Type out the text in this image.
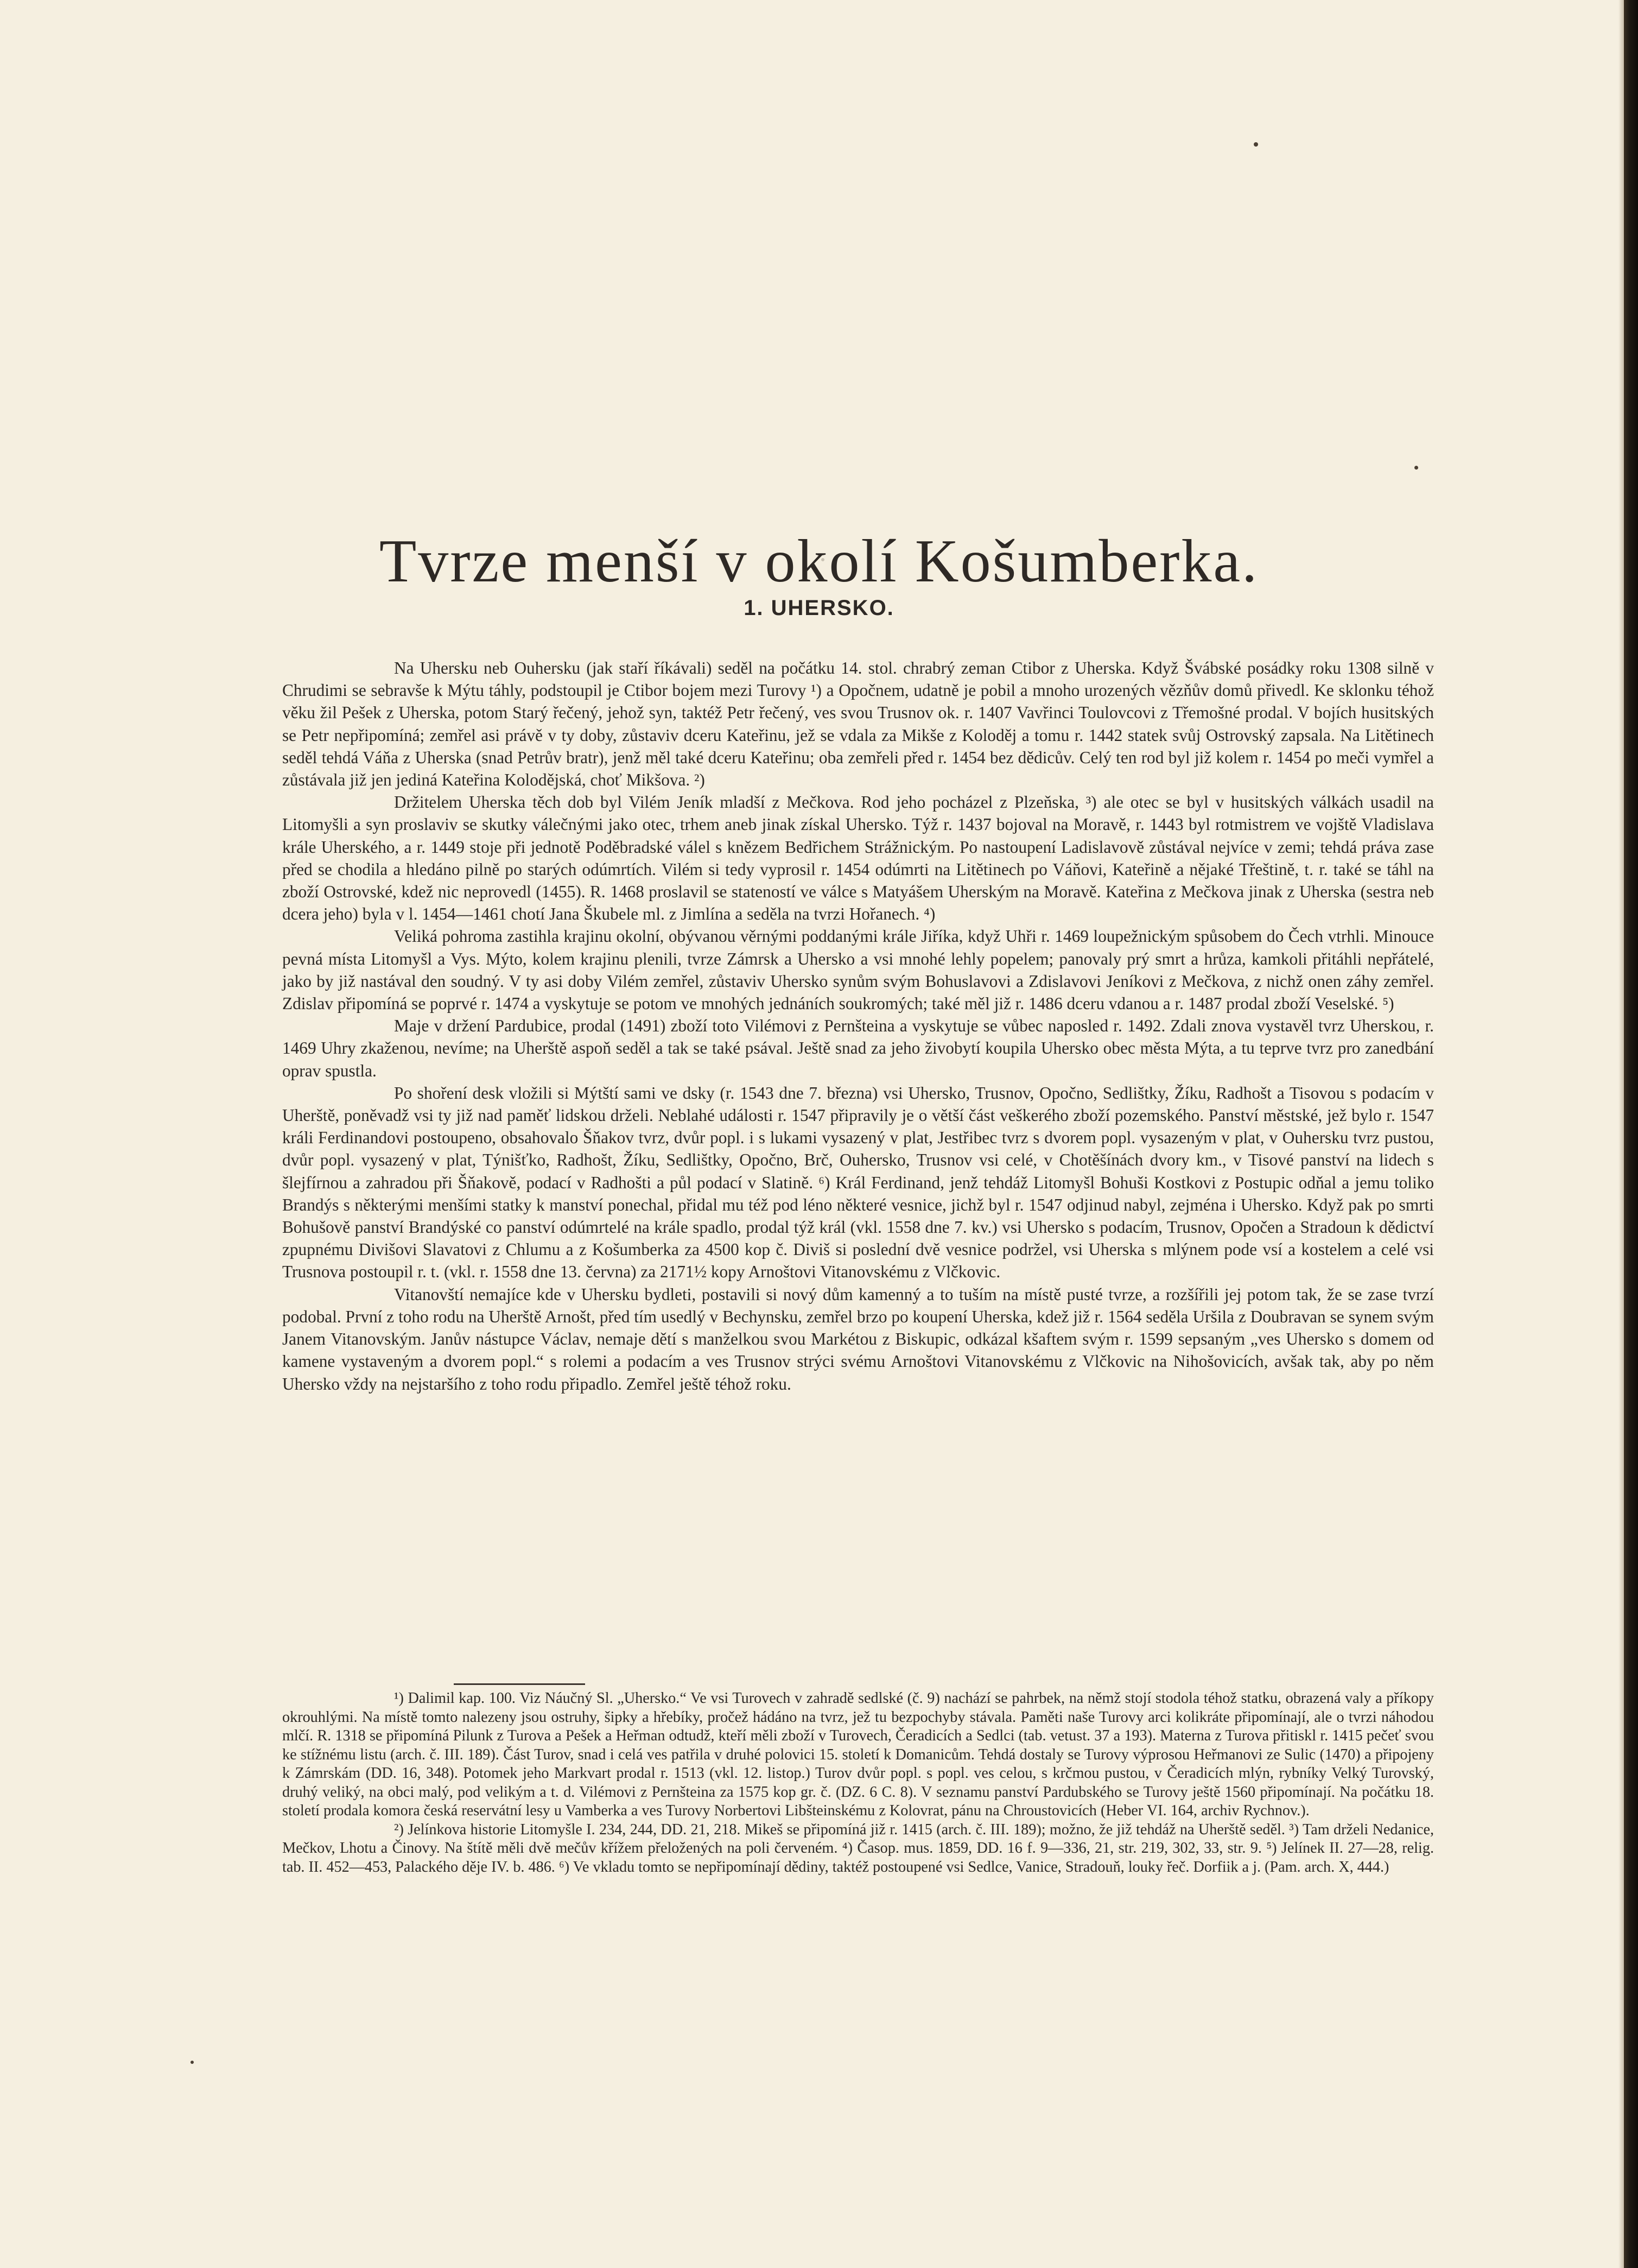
Tvrze menší v okolí Košumberka.
1. UHERSKO.

Na Uhersku neb Ouhersku (jak staří říkávali) seděl na počátku 14. stol. chrabrý zeman Ctibor z Uherska. Když Švábské posádky roku 1308 silně v Chrudimi se sebravše k Mýtu táhly, podstoupil je Ctibor bojem mezi Turovy ¹) a Opočnem, udatně je pobil a mnoho urozených vězňův domů přivedl. Ke sklonku téhož věku žil Pešek z Uherska, potom Starý řečený, jehož syn, taktéž Petr řečený, ves svou Trusnov ok. r. 1407 Vavřinci Toulovcovi z Třemošné prodal. V bojích husitských se Petr nepřipomíná; zemřel asi právě v ty doby, zůstaviv dceru Kateřinu, jež se vdala za Mikše z Koloděj a tomu r. 1442 statek svůj Ostrovský zapsala. Na Litětinech seděl tehdá Váňa z Uherska (snad Petrův bratr), jenž měl také dceru Kateřinu; oba zemřeli před r. 1454 bez dědicův. Celý ten rod byl již kolem r. 1454 po meči vymřel a zůstávala již jen jediná Kateřina Kolodějská, choť Mikšova. ²)

Držitelem Uherska těch dob byl Vilém Jeník mladší z Mečkova. Rod jeho pocházel z Plzeňska, ³) ale otec se byl v husitských válkách usadil na Litomyšli a syn proslaviv se skutky válečnými jako otec, trhem aneb jinak získal Uhersko. Týž r. 1437 bojoval na Moravě, r. 1443 byl rotmistrem ve vojště Vladislava krále Uherského, a r. 1449 stoje při jednotě Poděbradské válel s knězem Bedřichem Strážnickým. Po nastoupení Ladislavově zůstával nejvíce v zemi; tehdá práva zase před se chodila a hledáno pilně po starých odúmrtích. Vilém si tedy vyprosil r. 1454 odúmrti na Litětinech po Váňovi, Kateřině a nějaké Třeštině, t. r. také se táhl na zboží Ostrovské, kdež nic neprovedl (1455). R. 1468 proslavil se stateností ve válce s Matyášem Uherským na Moravě. Kateřina z Mečkova jinak z Uherska (sestra neb dcera jeho) byla v l. 1454—1461 chotí Jana Škubele ml. z Jimlína a seděla na tvrzi Hořanech. ⁴)

Veliká pohroma zastihla krajinu okolní, obývanou věrnými poddanými krále Jiříka, když Uhři r. 1469 loupežnickým spůsobem do Čech vtrhli. Minouce pevná místa Litomyšl a Vys. Mýto, kolem krajinu plenili, tvrze Zámrsk a Uhersko a vsi mnohé lehly popelem; panovaly prý smrt a hrůza, kamkoli přitáhli nepřátelé, jako by již nastával den soudný. V ty asi doby Vilém zemřel, zůstaviv Uhersko synům svým Bohuslavovi a Zdislavovi Jeníkovi z Mečkova, z nichž onen záhy zemřel. Zdislav připomíná se poprvé r. 1474 a vyskytuje se potom ve mnohých jednáních soukromých; také měl již r. 1486 dceru vdanou a r. 1487 prodal zboží Veselské. ⁵)

Maje v držení Pardubice, prodal (1491) zboží toto Vilémovi z Pernšteina a vyskytuje se vůbec naposled r. 1492. Zdali znova vystavěl tvrz Uherskou, r. 1469 Uhry zkaženou, nevíme; na Uherště aspoň seděl a tak se také psával. Ještě snad za jeho živobytí koupila Uhersko obec města Mýta, a tu teprve tvrz pro zanedbání oprav spustla.

Po shoření desk vložili si Mýtští sami ve dsky (r. 1543 dne 7. března) vsi Uhersko, Trusnov, Opočno, Sedlištky, Žíku, Radhošt a Tisovou s podacím v Uherště, poněvadž vsi ty již nad paměť lidskou drželi. Neblahé události r. 1547 připravily je o větší část veškerého zboží pozemského. Panství městské, jež bylo r. 1547 králi Ferdinandovi postoupeno, obsahovalo Šňakov tvrz, dvůr popl. i s lukami vysazený v plat, Jestřibec tvrz s dvorem popl. vysazeným v plat, v Ouhersku tvrz pustou, dvůr popl. vysazený v plat, Týnišťko, Radhošt, Žíku, Sedlištky, Opočno, Brč, Ouhersko, Trusnov vsi celé, v Chotěšínách dvory km., v Tisové panství na lidech s šlejfírnou a zahradou při Šňakově, podací v Radhošti a půl podací v Slatině. ⁶) Král Ferdinand, jenž tehdáž Litomyšl Bohuši Kostkovi z Postupic odňal a jemu toliko Brandýs s některými menšími statky k manství ponechal, přidal mu též pod léno některé vesnice, jichž byl r. 1547 odjinud nabyl, zejména i Uhersko. Když pak po smrti Bohušově panství Brandýské co panství odúmrtelé na krále spadlo, prodal týž král (vkl. 1558 dne 7. kv.) vsi Uhersko s podacím, Trusnov, Opočen a Stradoun k dědictví zpupnému Divišovi Slavatovi z Chlumu a z Košumberka za 4500 kop č. Diviš si poslední dvě vesnice podržel, vsi Uherska s mlýnem pode vsí a kostelem a celé vsi Trusnova postoupil r. t. (vkl. r. 1558 dne 13. června) za 2171½ kopy Arnoštovi Vitanovskému z Vlčkovic.

Vitanovští nemajíce kde v Uhersku bydleti, postavili si nový dům kamenný a to tuším na místě pusté tvrze, a rozšířili jej potom tak, že se zase tvrzí podobal. První z toho rodu na Uherště Arnošt, před tím usedlý v Bechynsku, zemřel brzo po koupení Uherska, kdež již r. 1564 seděla Uršila z Doubravan se synem svým Janem Vitanovským. Janův nástupce Václav, nemaje dětí s manželkou svou Markétou z Biskupic, odkázal kšaftem svým r. 1599 sepsaným „ves Uhersko s domem od kamene vystaveným a dvorem popl.“ s rolemi a podacím a ves Trusnov strýci svému Arnoštovi Vitanovskému z Vlčkovic na Nihošovicích, avšak tak, aby po něm Uhersko vždy na nejstaršího z toho rodu připadlo. Zemřel ještě téhož roku.

¹) Dalimil kap. 100. Viz Náučný Sl. „Uhersko.“ Ve vsi Turovech v zahradě sedlské (č. 9) nachází se pahrbek, na němž stojí stodola téhož statku, obrazená valy a příkopy okrouhlými. Na místě tomto nalezeny jsou ostruhy, šipky a hřebíky, pročež hádáno na tvrz, jež tu bezpochyby stávala. Paměti naše Turovy arci kolikráte připomínají, ale o tvrzi náhodou mlčí. R. 1318 se připomíná Pilunk z Turova a Pešek a Heřman odtudž, kteří měli zboží v Turovech, Čeradicích a Sedlci (tab. vetust. 37 a 193). Materna z Turova přitiskl r. 1415 pečeť svou ke stížnému listu (arch. č. III. 189). Část Turov, snad i celá ves patřila v druhé polovici 15. století k Domanicům. Tehdá dostaly se Turovy výprosou Heřmanovi ze Sulic (1470) a připojeny k Zámrskám (DD. 16, 348). Potomek jeho Markvart prodal r. 1513 (vkl. 12. listop.) Turov dvůr popl. s popl. ves celou, s krčmou pustou, v Čeradicích mlýn, rybníky Velký Turovský, druhý veliký, na obci malý, pod velikým a t. d. Vilémovi z Pernšteina za 1575 kop gr. č. (DZ. 6 C. 8). V seznamu panství Pardubského se Turovy ještě 1560 připomínají. Na počátku 18. století prodala komora česká reservátní lesy u Vamberka a ves Turovy Norbertovi Libšteinskému z Kolovrat, pánu na Chroustovicích (Heber VI. 164, archiv Rychnov.).

²) Jelínkova historie Litomyšle I. 234, 244, DD. 21, 218. Mikeš se připomíná již r. 1415 (arch. č. III. 189); možno, že již tehdáž na Uherště seděl. ³) Tam drželi Nedanice, Mečkov, Lhotu a Činovy. Na štítě měli dvě mečův křížem přeložených na poli červeném. ⁴) Časop. mus. 1859, DD. 16 f. 9—336, 21, str. 219, 302, 33, str. 9. ⁵) Jelínek II. 27—28, relig. tab. II. 452—453, Palackého děje IV. b. 486. ⁶) Ve vkladu tomto se nepřipomínají dědiny, taktéž postoupené vsi Sedlce, Vanice, Stradouň, louky řeč. Dorfiik a j. (Pam. arch. X, 444.)
